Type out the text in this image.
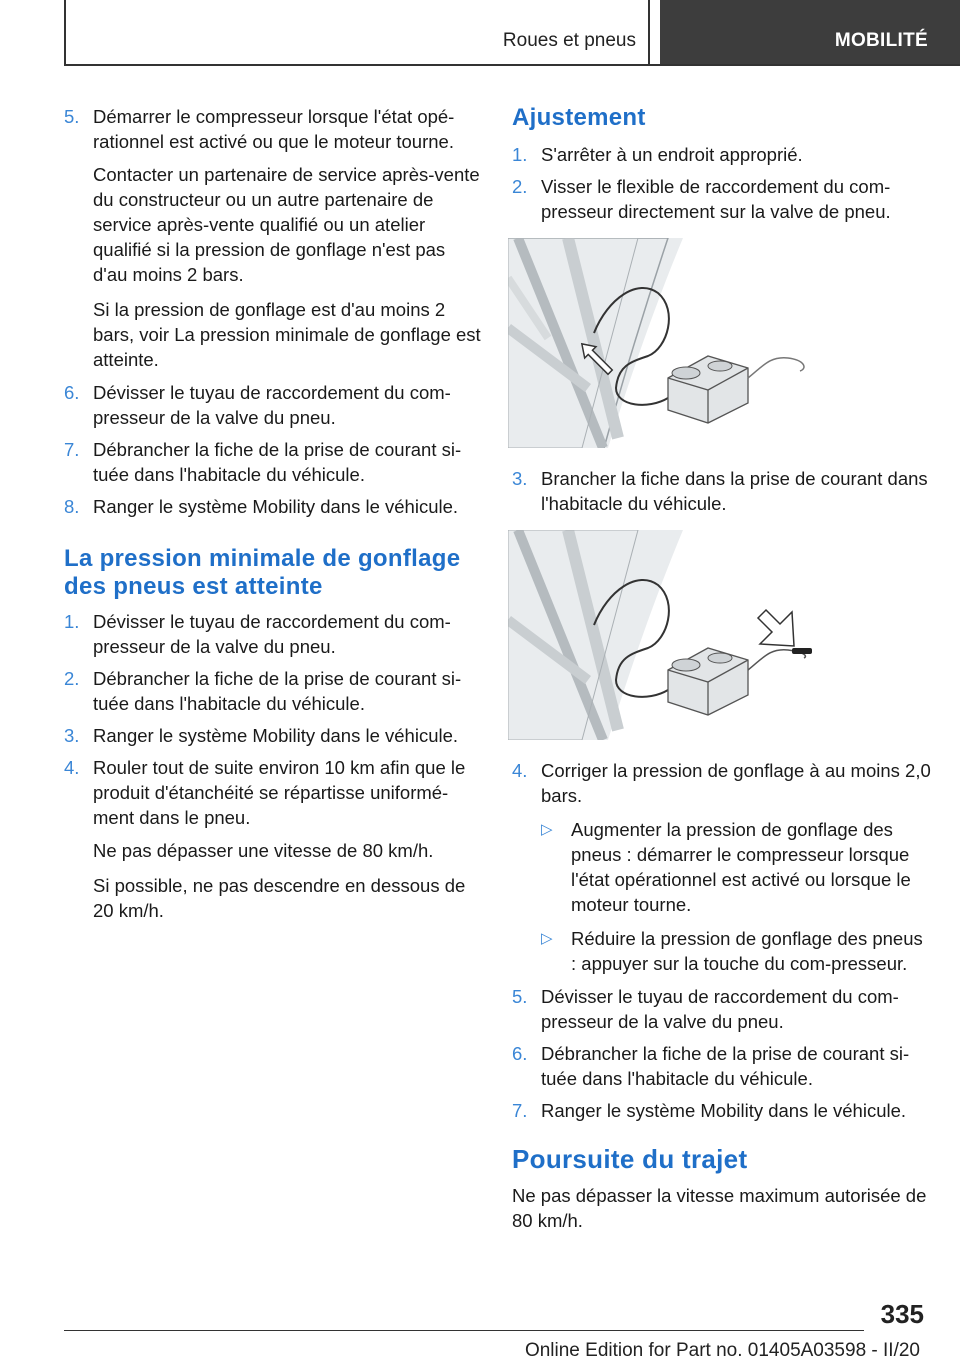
Roues et pneus	MOBILITÉ
5. Démarrer le compresseur lorsque l'état opé-rationnel est activé ou que le moteur tourne.
Contacter un partenaire de service après-vente du constructeur ou un autre partenaire de service après-vente qualifié ou un atelier qualifié si la pression de gonflage n'est pas d'au moins 2 bars.
Si la pression de gonflage est d'au moins 2 bars, voir La pression minimale de gonflage est atteinte.
6. Dévisser le tuyau de raccordement du com-presseur de la valve du pneu.
7. Débrancher la fiche de la prise de courant si-tuée dans l'habitacle du véhicule.
8. Ranger le système Mobility dans le véhicule.
La pression minimale de gonflage des pneus est atteinte
1. Dévisser le tuyau de raccordement du com-presseur de la valve du pneu.
2. Débrancher la fiche de la prise de courant si-tuée dans l'habitacle du véhicule.
3. Ranger le système Mobility dans le véhicule.
4. Rouler tout de suite environ 10 km afin que le produit d'étanchéité se répartisse uniformé-ment dans le pneu.
Ne pas dépasser une vitesse de 80 km/h.
Si possible, ne pas descendre en dessous de 20 km/h.
Ajustement
1. S'arrêter à un endroit approprié.
2. Visser le flexible de raccordement du com-presseur directement sur la valve de pneu.
3. Brancher la fiche dans la prise de courant dans l'habitacle du véhicule.
4. Corriger la pression de gonflage à au moins 2,0 bars.
▷ Augmenter la pression de gonflage des pneus : démarrer le compresseur lorsque l'état opérationnel est activé ou lorsque le moteur tourne.
▷ Réduire la pression de gonflage des pneus : appuyer sur la touche du com-presseur.
5. Dévisser le tuyau de raccordement du com-presseur de la valve du pneu.
6. Débrancher la fiche de la prise de courant si-tuée dans l'habitacle du véhicule.
7. Ranger le système Mobility dans le véhicule.
Poursuite du trajet
Ne pas dépasser la vitesse maximum autorisée de 80 km/h.
335
Online Edition for Part no. 01405A03598 - II/20
